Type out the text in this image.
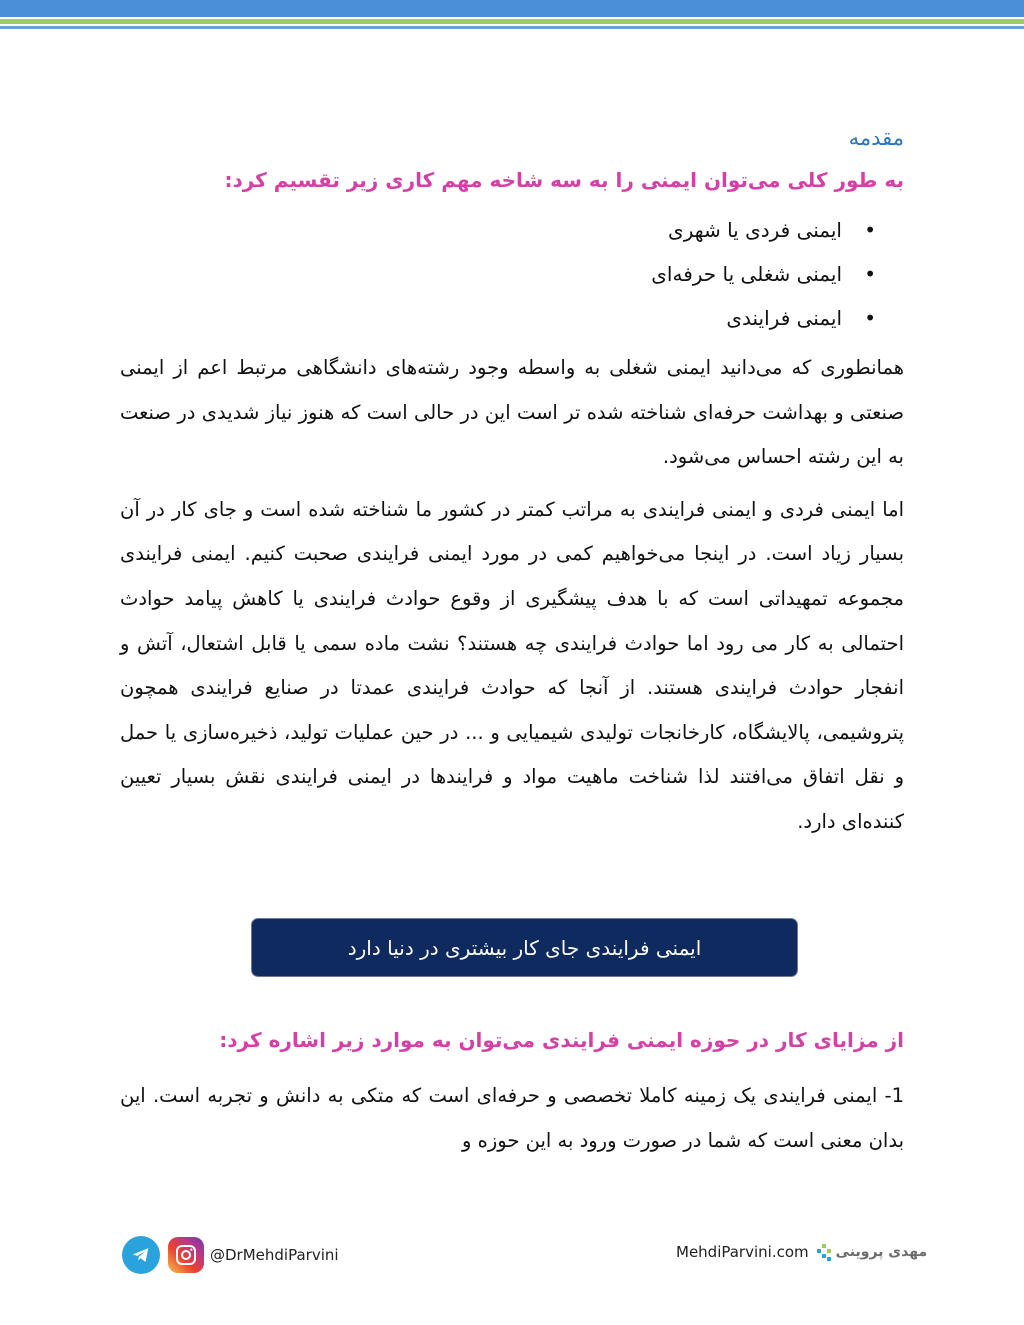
مقدمه
به طور کلی می‌توان ایمنی را به سه شاخه مهم کاری زیر تقسیم کرد:
•
ایمنی فردی یا شهری
•
ایمنی شغلی یا حرفه‌ای
•
ایمنی فرایندی

همانطوری که می‌دانید ایمنی شغلی به واسطه وجود رشته‌های دانشگاهی مرتبط اعم از ایمنی صنعتی و بهداشت حرفه‌ای شناخته شده تر است این در حالی است که هنوز نیاز شدیدی در صنعت به این رشته احساس می‌شود.

اما ایمنی فردی و ایمنی فرایندی به مراتب کمتر در کشور ما شناخته شده است و جای کار در آن بسیار زیاد است. در اینجا می‌خواهیم کمی در مورد ایمنی فرایندی صحبت کنیم. ایمنی فرایندی مجموعه تمهیداتی است که با هدف پیشگیری از وقوع حوادث فرایندی یا کاهش پیامد حوادث احتمالی به کار می رود اما حوادث فرایندی چه هستند؟ نشت ماده سمی یا قابل اشتعال، آتش و انفجار حوادث فرایندی هستند. از آنجا که حوادث فرایندی عمدتا در صنایع فرایندی همچون پتروشیمی، پالایشگاه، کارخانجات تولیدی شیمیایی و ... در حین عملیات تولید، ذخیره‌سازی یا حمل و نقل اتفاق می‌افتند لذا شناخت ماهیت مواد و فرایندها در ایمنی فرایندی نقش بسیار تعیین کننده‌ای دارد.

ایمنی فرایندی جای کار بیشتری در دنیا دارد
از مزایای کار در حوزه ایمنی فرایندی می‌توان به موارد زیر اشاره کرد:
1- ایمنی فرایندی یک زمینه کاملا تخصصی و حرفه‌ای است که متکی به دانش و تجربه است. این بدان معنی است که شما در صورت ورود به این حوزه و
@DrMehdiParvini	MehdiParvini.com مهدی پروینی
